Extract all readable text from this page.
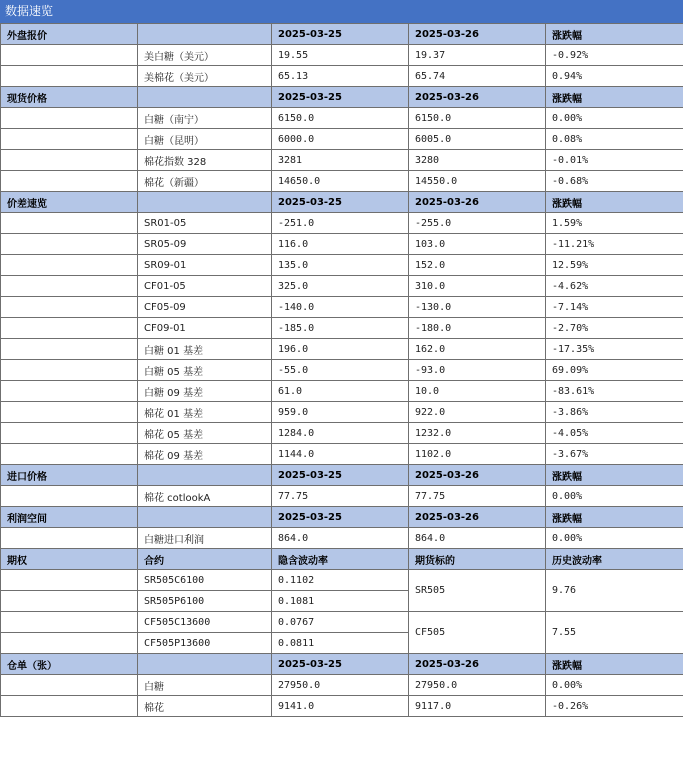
数据速览
外盘报价		2025-03-25	2025-03-26	涨跌幅
	美白糖（美元）	19.55	19.37	-0.92%
	美棉花（美元）	65.13	65.74	0.94%
现货价格		2025-03-25	2025-03-26	涨跌幅
	白糖（南宁）	6150.0	6150.0	0.00%
	白糖（昆明）	6000.0	6005.0	0.08%
	棉花指数 328	3281	3280	-0.01%
	棉花（新疆）	14650.0	14550.0	-0.68%
价差速览		2025-03-25	2025-03-26	涨跌幅
	SR01-05	-251.0	-255.0	1.59%
	SR05-09	116.0	103.0	-11.21%
	SR09-01	135.0	152.0	12.59%
	CF01-05	325.0	310.0	-4.62%
	CF05-09	-140.0	-130.0	-7.14%
	CF09-01	-185.0	-180.0	-2.70%
	白糖 01 基差	196.0	162.0	-17.35%
	白糖 05 基差	-55.0	-93.0	69.09%
	白糖 09 基差	61.0	10.0	-83.61%
	棉花 01 基差	959.0	922.0	-3.86%
	棉花 05 基差	1284.0	1232.0	-4.05%
	棉花 09 基差	1144.0	1102.0	-3.67%
进口价格		2025-03-25	2025-03-26	涨跌幅
	棉花 cotlookA	77.75	77.75	0.00%
利润空间		2025-03-25	2025-03-26	涨跌幅
	白糖进口利润	864.0	864.0	0.00%
期权	合约	隐含波动率	期货标的	历史波动率
	SR505C6100	0.1102	SR505	9.76
	SR505P6100	0.1081		
	CF505C13600	0.0767	CF505	7.55
	CF505P13600	0.0811		
仓单（张）		2025-03-25	2025-03-26	涨跌幅
	白糖	27950.0	27950.0	0.00%
	棉花	9141.0	9117.0	-0.26%
